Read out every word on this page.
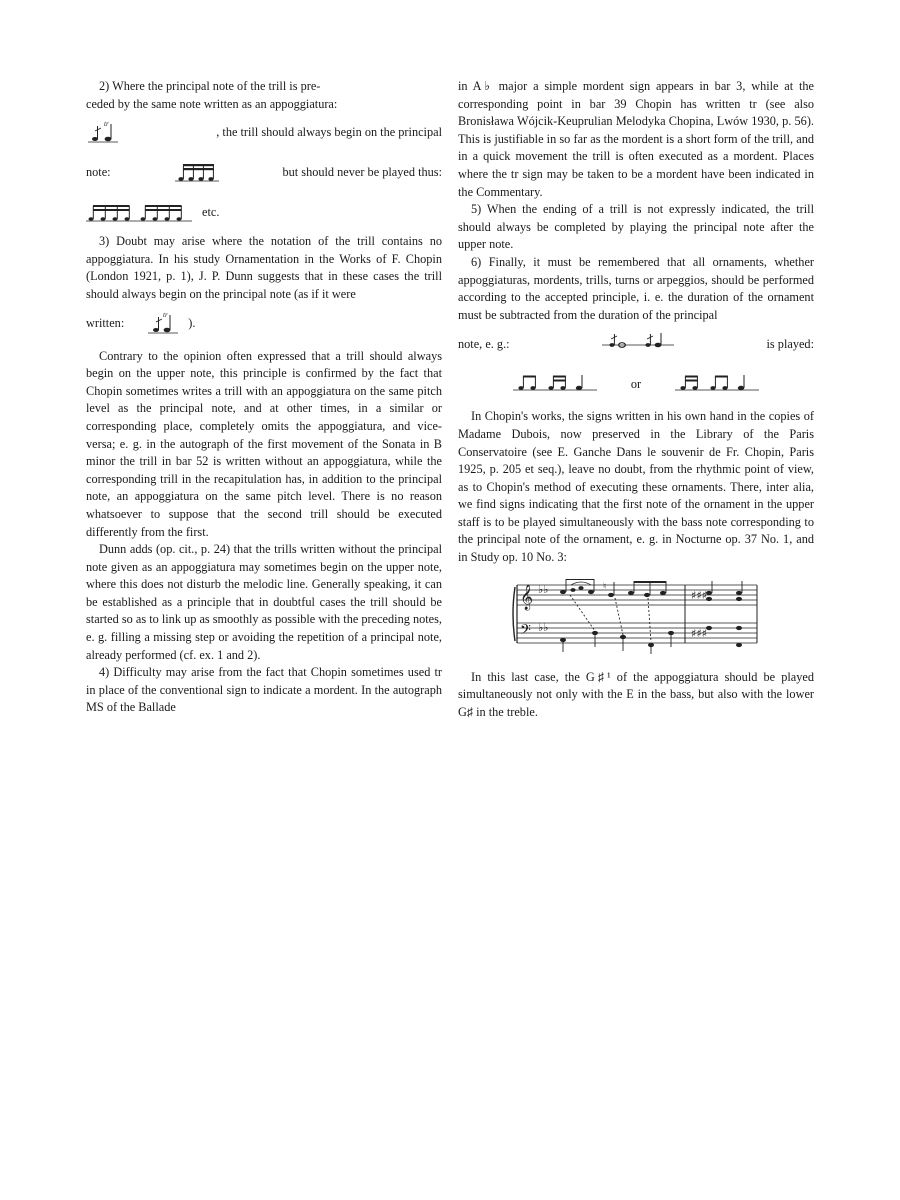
2) Where the principal note of the trill is pre-

ceded by the same note written as an appoggiatura:

tr
, the trill should always begin on the principal
note:	but should never be played thus:
etc.

3) Doubt may arise where the notation of the trill contains no appoggiatura. In his study Ornamentation in the Works of F. Chopin (London 1921, p. 1), J. P. Dunn suggests that in these cases the trill should always begin on the principal note (as if it were

written:
tr
).

Contrary to the opinion often expressed that a trill should always begin on the upper note, this principle is confirmed by the fact that Chopin sometimes writes a trill with an appoggiatura on the same pitch level as the principal note, and at other times, in a similar or corresponding place, completely omits the appoggiatura, and vice-versa; e. g. in the autograph of the first movement of the Sonata in B minor the trill in bar 52 is written without an appoggiatura, while the corresponding trill in the recapitulation has, in addition to the principal note, an appoggiatura on the same pitch level. There is no reason whatsoever to suppose that the second trill should be executed differently from the first.

Dunn adds (op. cit., p. 24) that the trills written without the principal note given as an appoggiatura may sometimes begin on the upper note, where this does not disturb the melodic line. Generally speaking, it can be established as a principle that in doubtful cases the trill should be started so as to link up as smoothly as possible with the preceding notes, e. g. filling a missing step or avoiding the repetition of a principal note, already performed (cf. ex. 1 and 2).

4) Difficulty may arise from the fact that Chopin sometimes used tr in place of the conventional sign to indicate a mordent. In the autograph MS of the Ballade

in A♭ major a simple mordent sign appears in bar 3, while at the corresponding point in bar 39 Chopin has written tr (see also Bronisława Wójcik-Keuprulian Melodyka Chopina, Lwów 1930, p. 56). This is justifiable in so far as the mordent is a short form of the trill, and in a quick movement the trill is often executed as a mordent. Places where the tr sign may be taken to be a mordent have been indicated in the Commentary.

5) When the ending of a trill is not expressly indicated, the trill should always be completed by playing the principal note after the upper note.

6) Finally, it must be remembered that all ornaments, whether appoggiaturas, mordents, trills, turns or arpeggios, should be performed according to the accepted principle, i. e. the duration of the ornament must be subtracted from the duration of the principal

note, e. g.:	is played:
or

In Chopin's works, the signs written in his own hand in the copies of Madame Dubois, now preserved in the Library of the Paris Conservatoire (see E. Ganche Dans le souvenir de Fr. Chopin, Paris 1925, p. 205 et seq.), leave no doubt, from the rhythmic point of view, as to Chopin's method of executing these ornaments. There, inter alia, we find signs indicating that the first note of the ornament in the upper staff is to be played simultaneously with the bass note corresponding to the principal note of the ornament, e. g. in Nocturne op. 37 No. 1, and in Study op. 10 No. 3:

𝄞
𝄢
♭♭
♭♭
♯♯♯
♯♯♯
♮

In this last case, the G♯¹ of the appoggiatura should be played simultaneously not only with the E in the bass, but also with the lower G♯ in the treble.
